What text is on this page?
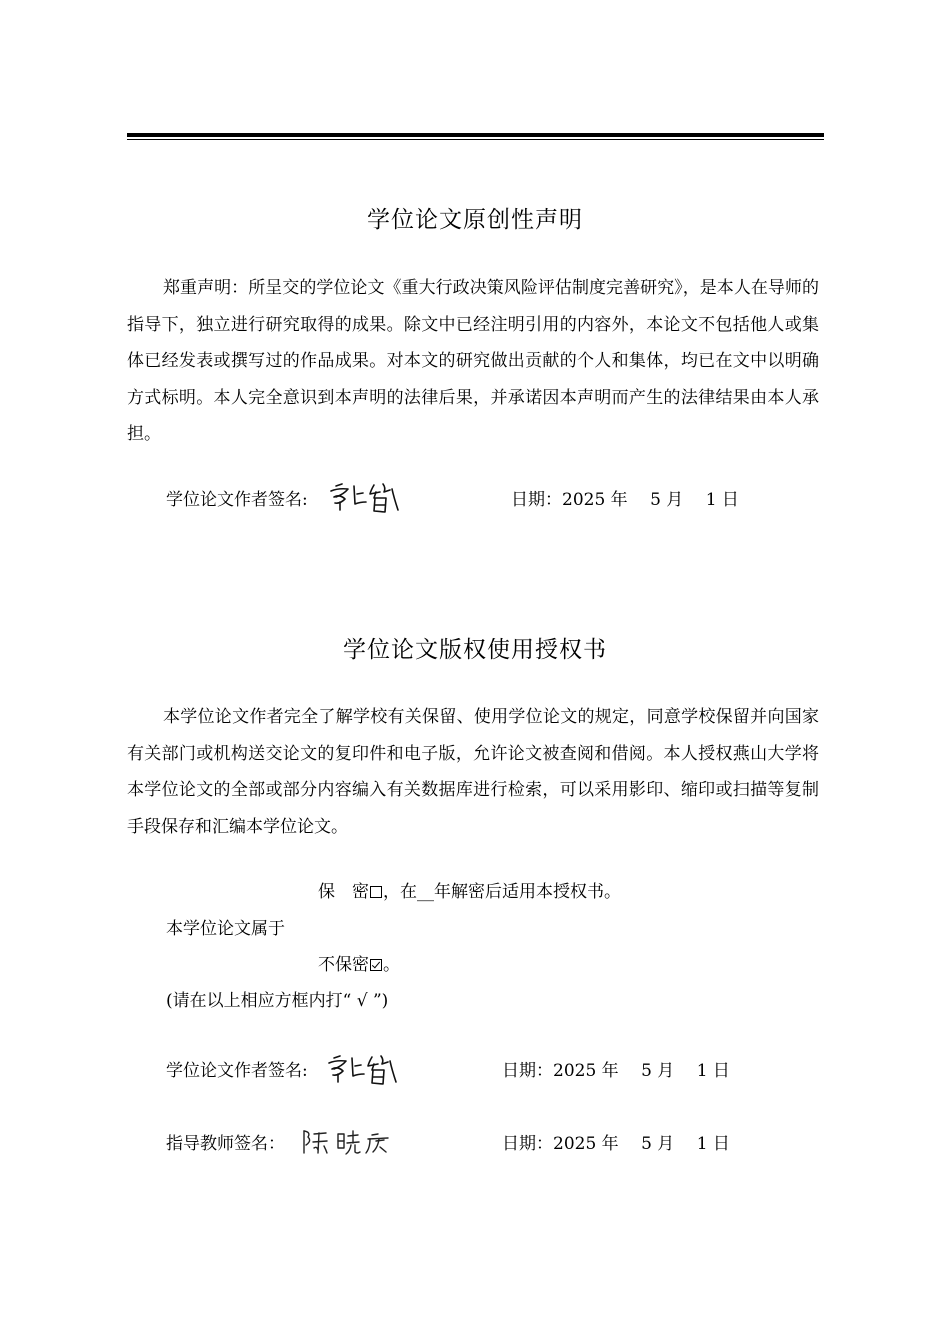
学位论文原创性声明
郑重声明：所呈交的学位论文《重大行政决策风险评估制度完善研究》，是本人在导师的指导下，独立进行研究取得的成果。除文中已经注明引用的内容外，本论文不包括他人或集体已经发表或撰写过的作品成果。对本文的研究做出贡献的个人和集体，均已在文中以明确方式标明。本人完全意识到本声明的法律后果，并承诺因本声明而产生的法律结果由本人承担。
学位论文作者签名:	日期：2025 年　 5 月　 1 日
学位论文版权使用授权书
本学位论文作者完全了解学校有关保留、使用学位论文的规定，同意学校保留并向国家有关部门或机构送交论文的复印件和电子版，允许论文被查阅和借阅。本人授权燕山大学将本学位论文的全部或部分内容编入有关数据库进行检索，可以采用影印、缩印或扫描等复制手段保存和汇编本学位论文。
保　密 ，在__年解密后适用本授权书。
本学位论文属于
不保密 。
(请在以上相应方框内打“ √ ”)
学位论文作者签名:	日期：2025 年　 5 月　 1 日
指导教师签名：	日期：2025 年　 5 月　 1 日
